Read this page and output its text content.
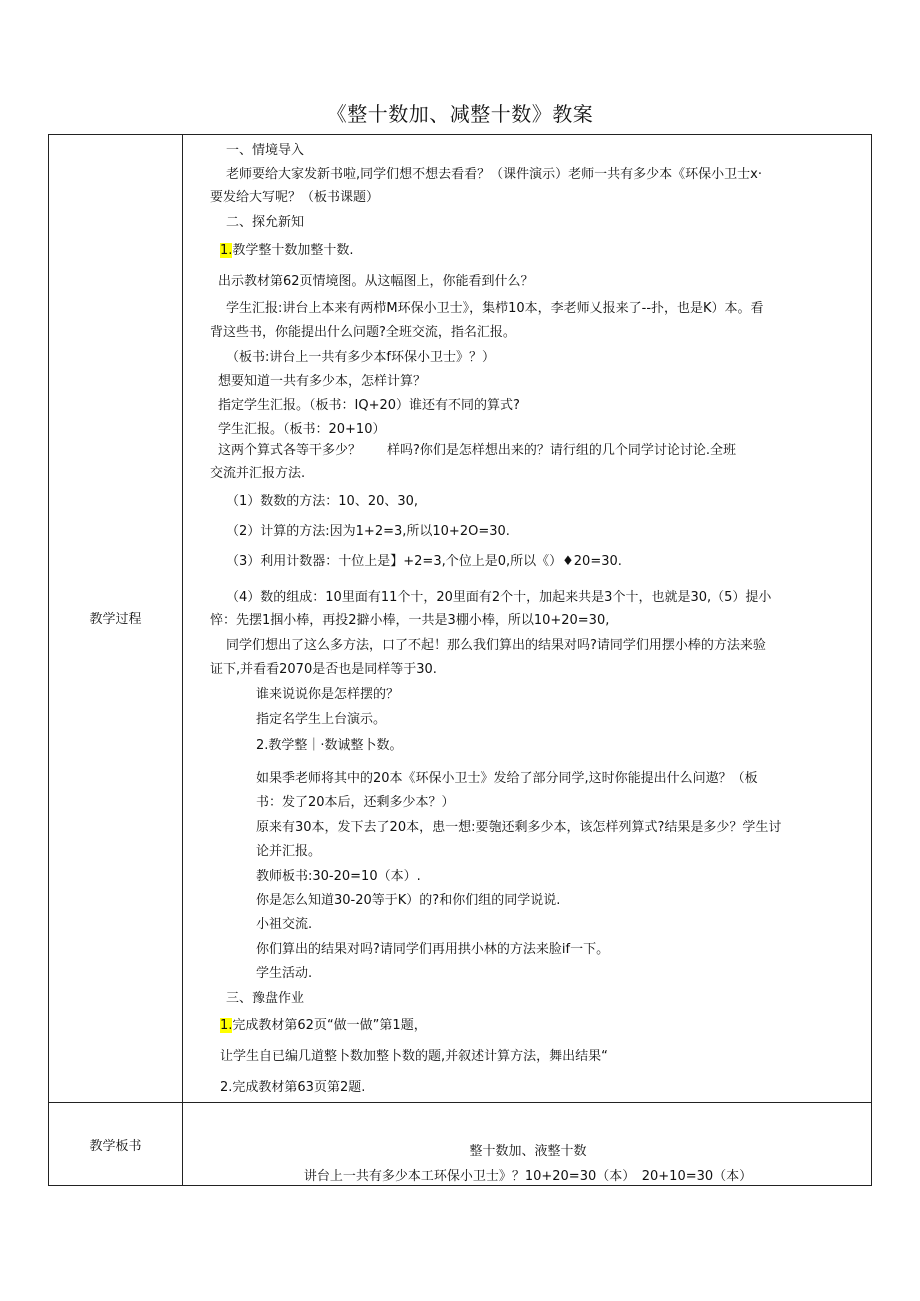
《整十数加、减整十数》教案
教学过程
教学板书	整十数加、液整十数
讲台上一共有多少本工环保小卫士》？10+20=30（本）　20+10=30（本）
一、情境导入
老师要给大家发新书啦,同学们想不想去看看？（课件演示）老师一共有多少本《环保小卫士x·
要发给大写呢？（板书课题）
二、探允新知
1.教学整十数加整十数.
出示教材第62页情境图。从这幅图上，你能看到什么？
学生汇报:讲台上本来有两栉M环保小卫士》，集栉10本，李老师乂报来了--扑，也是K）本。看
背这些书，你能提出什么问题?全班交流，指名汇报。
（板书:讲台上一共有多少本f环保小卫士》？）
想要知道一共有多少本，怎样计算？
指定学生汇报。（板书：IQ+20）谁还有不同的算式?
学生汇报。（板书：20+10）
这两个算式各等干多少？　　样吗?你们是怎样想出来的？请行组的几个同学讨论讨论.全班
交流并汇报方法.
（1）数数的方法：10、20、30,
（2）计算的方法:因为1+2=3,所以10+2O=30.
（3）利用计数器：十位上是】+2=3,个位上是0,所以《）♦20=30.
（4）数的组成：10里面有11个十，20里面有2个十，加起来共是3个十，也就是30,（5）提小
悴：先摆1掴小棒，再投2擗小棒，一共是3棚小棒，所以10+20=30,
同学们想出了这么多方法，口了不起！那么我们算出的结果对吗?请同学们用摆小棒的方法来验
证下,并看看2070是否也是同样等于30.
谁来说说你是怎样摆的？
指定名学生上台演示。
2.教学整｜·数诚整卜数。
如果季老师将其中的20本《环保小卫士》发给了部分同学,这时你能提出什么问遨？（板
书：发了20本后，还剩多少本？）
原来有30本，发下去了20本，患一想:要匏还剩多少本，该怎样列算式?结果是多少？学生讨
论并汇报。
教师板书:30-20=10（本）.
你是怎么知道30-20等于K）的?和你们组的同学说说.
小祖交流.
你们算出的结果对吗?请同学们再用拱小林的方法来脸if一下。
学生活动.
三、豫盘作业
1.完成教材第62页“做一做”第1题，
让学生自已编几道整卜数加整卜数的题,并叙述计算方法，舞出结果“
2.完成教材第63页第2题.
